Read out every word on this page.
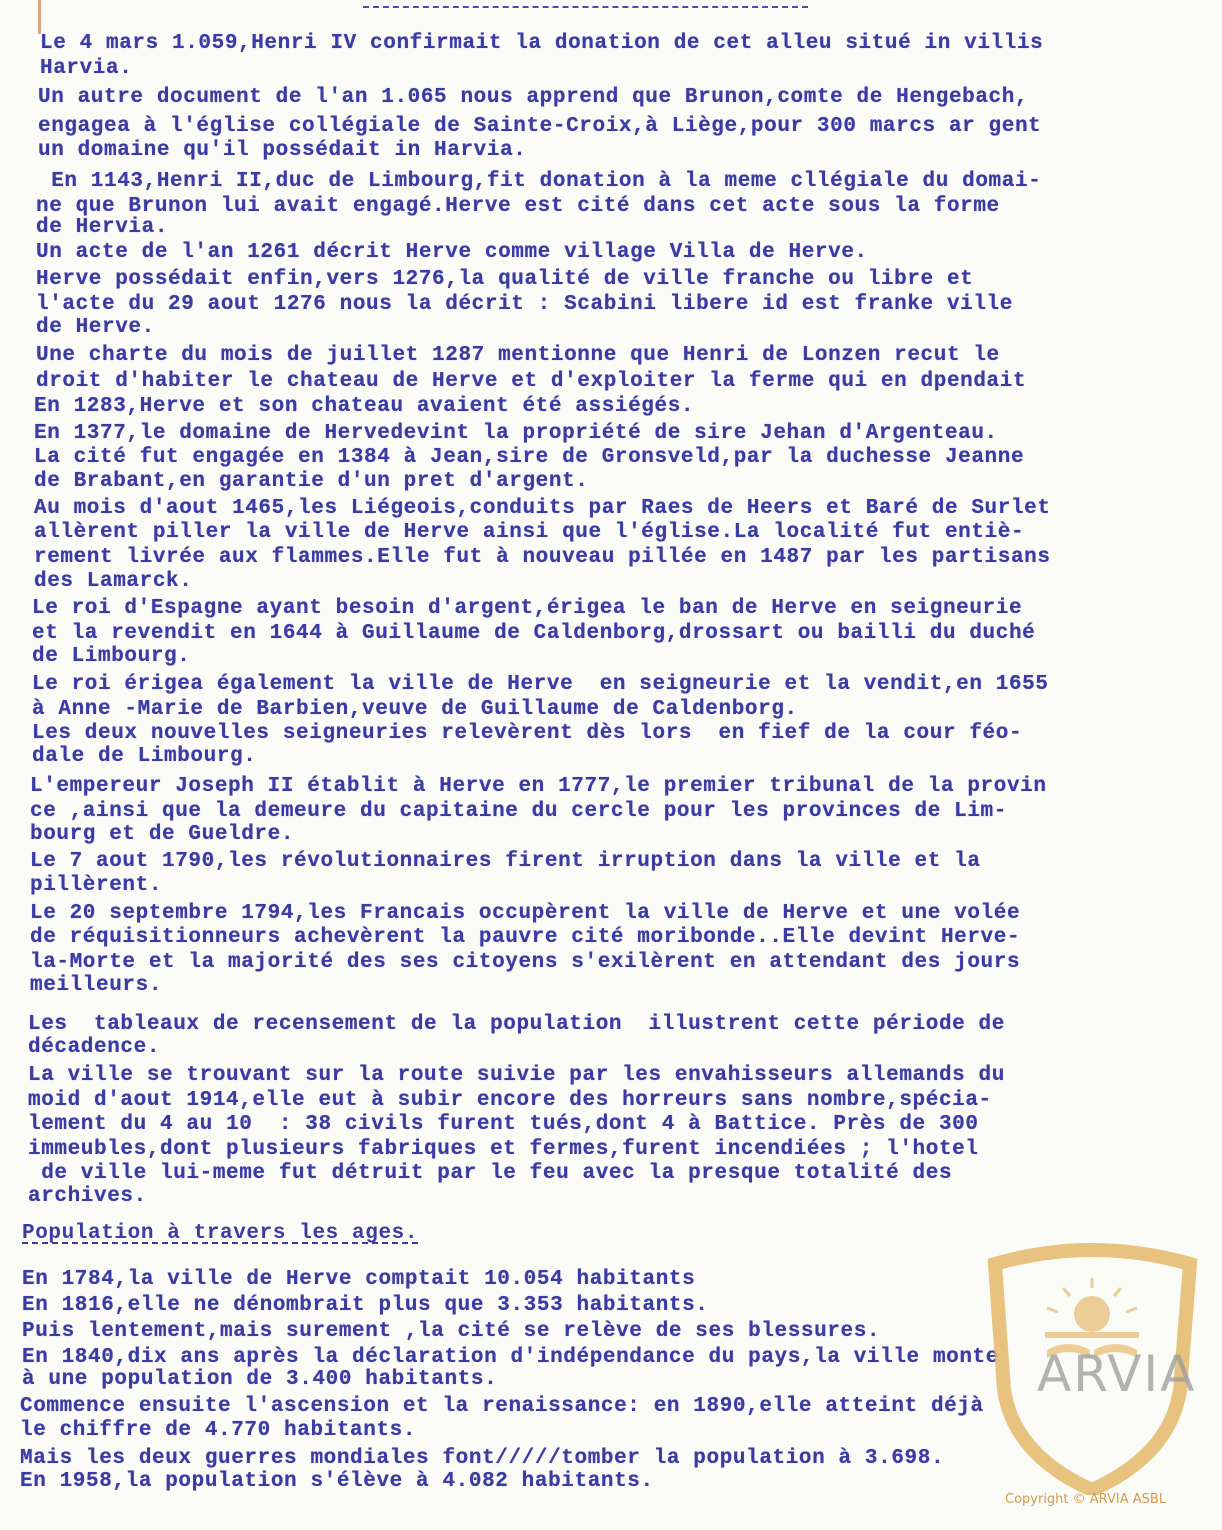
Le 4 mars 1.059,Henri IV confirmait la donation de cet alleu situé in villis
Harvia.
Un autre document de l'an 1.065 nous apprend que Brunon,comte de Hengebach,
engagea à l'église collégiale de Sainte-Croix,à Liège,pour 300 marcs ar gent
un domaine qu'il possédait in Harvia.
En 1143,Henri II,duc de Limbourg,fit donation à la meme cllégiale du domai-
ne que Brunon lui avait engagé.Herve est cité dans cet acte sous la forme
de Hervia.
Un acte de l'an 1261 décrit Herve comme village Villa de Herve.
Herve possédait enfin,vers 1276,la qualité de ville franche ou libre et
l'acte du 29 aout 1276 nous la décrit : Scabini libere id est franke ville
de Herve.
Une charte du mois de juillet 1287 mentionne que Henri de Lonzen recut le
droit d'habiter le chateau de Herve et d'exploiter la ferme qui en dpendait
En 1283,Herve et son chateau avaient été assiégés.
En 1377,le domaine de Hervedevint la propriété de sire Jehan d'Argenteau.
La cité fut engagée en 1384 à Jean,sire de Gronsveld,par la duchesse Jeanne
de Brabant,en garantie d'un pret d'argent.
Au mois d'aout 1465,les Liégeois,conduits par Raes de Heers et Baré de Surlet
allèrent piller la ville de Herve ainsi que l'église.La localité fut entiè-
rement livrée aux flammes.Elle fut à nouveau pillée en 1487 par les partisans
des Lamarck.
Le roi d'Espagne ayant besoin d'argent,érigea le ban de Herve en seigneurie
et la revendit en 1644 à Guillaume de Caldenborg,drossart ou bailli du duché
de Limbourg.
Le roi érigea également la ville de Herve  en seigneurie et la vendit,en 1655
à Anne -Marie de Barbien,veuve de Guillaume de Caldenborg.
Les deux nouvelles seigneuries relevèrent dès lors  en fief de la cour féo-
dale de Limbourg.
L'empereur Joseph II établit à Herve en 1777,le premier tribunal de la provin
ce ,ainsi que la demeure du capitaine du cercle pour les provinces de Lim-
bourg et de Gueldre.
Le 7 aout 1790,les révolutionnaires firent irruption dans la ville et la
pillèrent.
Le 20 septembre 1794,les Francais occupèrent la ville de Herve et une volée
de réquisitionneurs achevèrent la pauvre cité moribonde..Elle devint Herve-
la-Morte et la majorité des ses citoyens s'exilèrent en attendant des jours
meilleurs.
Les  tableaux de recensement de la population  illustrent cette période de
décadence.
La ville se trouvant sur la route suivie par les envahisseurs allemands du
moid d'aout 1914,elle eut à subir encore des horreurs sans nombre,spécia-
lement du 4 au 10  : 38 civils furent tués,dont 4 à Battice. Près de 300
immeubles,dont plusieurs fabriques et fermes,furent incendiées ; l'hotel
de ville lui-meme fut détruit par le feu avec la presque totalité des
archives.
Population à travers les ages.
En 1784,la ville de Herve comptait 10.054 habitants
En 1816,elle ne dénombrait plus que 3.353 habitants.
Puis lentement,mais surement ,la cité se relève de ses blessures.
En 1840,dix ans après la déclaration d'indépendance du pays,la ville monte
à une population de 3.400 habitants.
Commence ensuite l'ascension et la renaissance: en 1890,elle atteint déjà
le chiffre de 4.770 habitants.
Mais les deux guerres mondiales font/////tomber la population à 3.698.
En 1958,la population s'élève à 4.082 habitants.
ARVIA
Copyright © ARVIA ASBL
